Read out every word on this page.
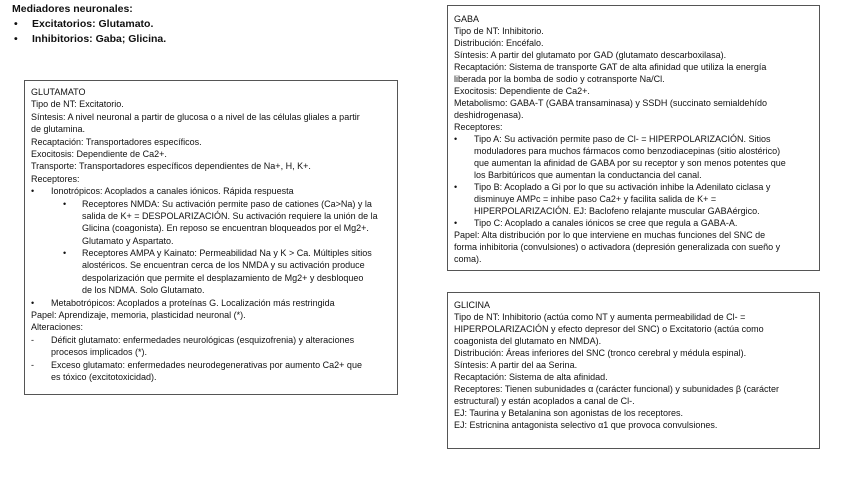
Mediadores neuronales:
• Excitatorios: Glutamato.
• Inhibitorios: Gaba; Glicina.
GLUTAMATO
Tipo de NT: Excitatorio.
Síntesis: A nivel neuronal a partir de glucosa o a nivel de las células gliales a partir
de glutamina.
Recaptación: Transportadores específicos.
Exocitosis: Dependiente de Ca2+.
Transporte: Transportadores específicos dependientes de Na+, H, K+.
Receptores:
• Ionotrópicos: Acoplados a canales iónicos. Rápida respuesta
• Receptores NMDA: Su activación permite paso de cationes (Ca>Na) y la
salida de K+ = DESPOLARIZACIÓN. Su activación requiere la unión de la
Glicina (coagonista). En reposo se encuentran bloqueados por el Mg2+.
Glutamato y Aspartato.
• Receptores AMPA y Kainato: Permeabilidad Na y K > Ca. Múltiples sitios
alostéricos. Se encuentran cerca de los NMDA y su activación produce
despolarización que permite el desplazamiento de Mg2+ y desbloqueo
de los NDMA. Solo Glutamato.
• Metabotrópicos: Acoplados a proteínas G. Localización más restringida
Papel: Aprendizaje, memoria, plasticidad neuronal (*).
Alteraciones:
- Déficit glutamato: enfermedades neurológicas (esquizofrenia) y alteraciones
procesos implicados (*).
- Exceso glutamato: enfermedades neurodegenerativas por aumento Ca2+ que
es tóxico (excitotoxicidad).
GABA
Tipo de NT: Inhibitorio.
Distribución: Encéfalo.
Síntesis: A partir del glutamato por GAD (glutamato descarboxilasa).
Recaptación: Sistema de transporte GAT de alta afinidad que utiliza la energía
liberada por la bomba de sodio y cotransporte Na/Cl.
Exocitosis: Dependiente de Ca2+.
Metabolismo: GABA-T (GABA transaminasa) y SSDH (succinato semialdehído
deshidrogenasa).
Receptores:
• Tipo A: Su activación permite paso de Cl- = HIPERPOLARIZACIÓN. Sitios
moduladores para muchos fármacos como benzodiacepinas (sitio alostérico)
que aumentan la afinidad de GABA por su receptor y son menos potentes que
los Barbitúricos que aumentan la conductancia del canal.
• Tipo B: Acoplado a Gi por lo que su activación inhibe la Adenilato ciclasa y
disminuye AMPc = inhibe paso Ca2+ y facilita salida de K+ =
HIPERPOLARIZACIÓN. EJ: Baclofeno relajante muscular GABAérgico.
• Tipo C: Acoplado a canales iónicos se cree que regula a GABA-A.
Papel: Alta distribución por lo que interviene en muchas funciones del SNC de
forma inhibitoria (convulsiones) o activadora (depresión generalizada con sueño y
coma).
GLICINA
Tipo de NT: Inhibitorio (actúa como NT y aumenta permeabilidad de Cl- =
HIPERPOLARIZACIÓN y efecto depresor del SNC) o Excitatorio (actúa como
coagonista del glutamato en NMDA).
Distribución: Áreas inferiores del SNC (tronco cerebral y médula espinal).
Síntesis: A partir del aa Serina.
Recaptación: Sistema de alta afinidad.
Receptores: Tienen subunidades α (carácter funcional) y subunidades β (carácter
estructural) y están acoplados a canal de Cl-.
EJ: Taurina y Betalanina son agonistas de los receptores.
EJ: Estricnina antagonista selectivo α1 que provoca convulsiones.
